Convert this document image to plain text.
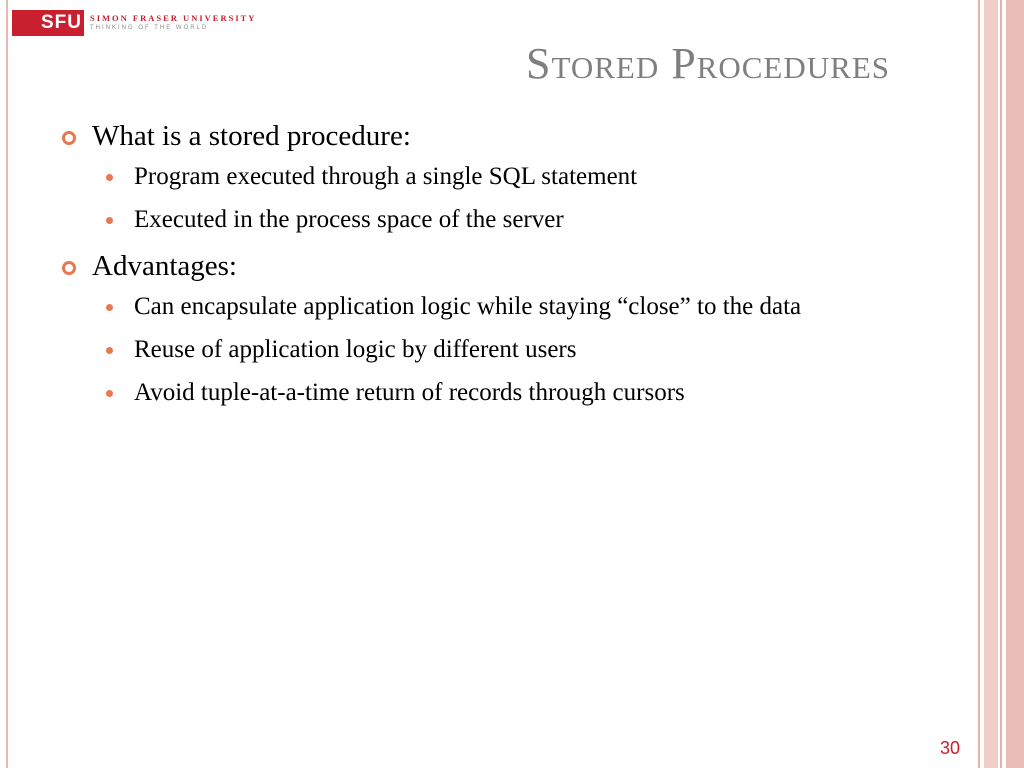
SFU SIMON FRASER UNIVERSITY
THINKING OF THE WORLD
Stored Procedures
What is a stored procedure:
Program executed through a single SQL statement
Executed in the process space of the server
Advantages:
Can encapsulate application logic while staying “close” to the data
Reuse of application logic by different users
Avoid tuple-at-a-time return of records through cursors
30
